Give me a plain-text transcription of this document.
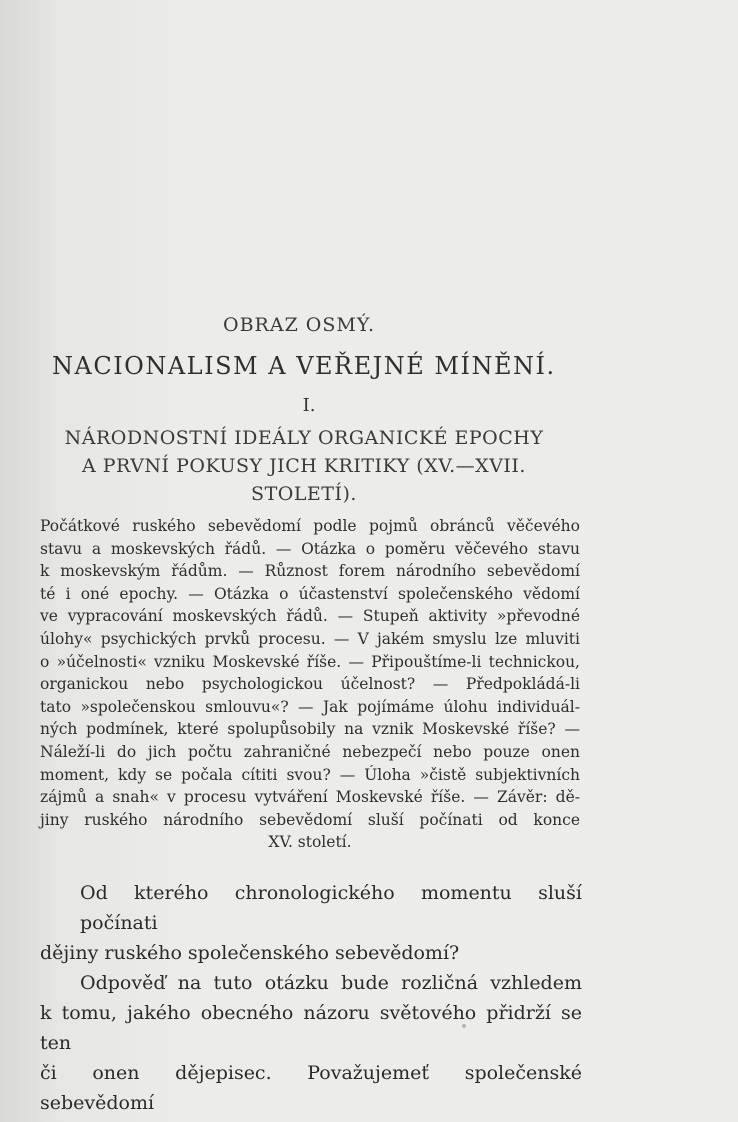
OBRAZ OSMÝ.
NACIONALISM A VEŘEJNÉ MÍNĚNÍ.
I.
NÁRODNOSTNÍ IDEÁLY ORGANICKÉ EPOCHY
A PRVNÍ POKUSY JICH KRITIKY (XV.—XVII.
STOLETÍ).
Počátkové ruského sebevědomí podle pojmů obránců věčevého
stavu a moskevských řádů. — Otázka o poměru věčevého stavu
k moskevským řádům. — Různost forem národního sebevědomí
té i oné epochy. — Otázka o účastenství společenského vědomí
ve vypracování moskevských řádů. — Stupeň aktivity »převodné
úlohy« psychických prvků procesu. — V jakém smyslu lze mluviti
o »účelnosti« vzniku Moskevské říše. — Připouštíme-li technickou,
organickou nebo psychologickou účelnost? — Předpokládá-li
tato »společenskou smlouvu«? — Jak pojímáme úlohu individuál-
ných podmínek, které spolupůsobily na vznik Moskevské říše? —
Náleží-li do jich počtu zahraničné nebezpečí nebo pouze onen
moment, kdy se počala cítiti svou? — Úloha »čistě subjektivních
zájmů a snah« v procesu vytváření Moskevské říše. — Závěr: dě-
jiny ruského národního sebevědomí sluší počínati od konce
XV. století.
Od kterého chronologického momentu sluší počínati
dějiny ruského společenského sebevědomí?
Odpověď na tuto otázku bude rozličná vzhledem
k tomu, jakého obecného názoru světového přidrží se ten
či onen dějepisec. Považujemeť společenské sebevědomí
